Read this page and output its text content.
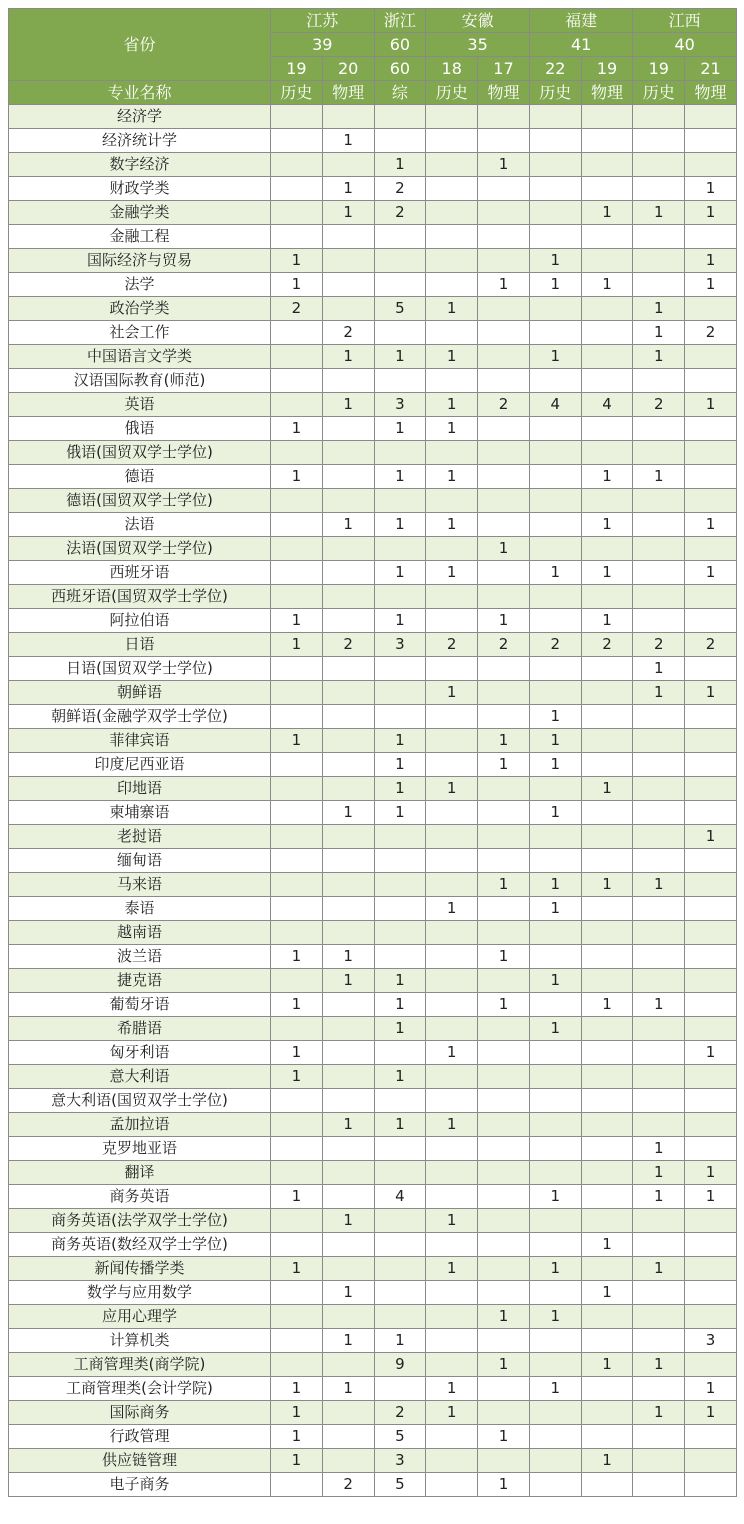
省份	江苏		浙江	安徽		福建		江西	
	39		60	35		41		40	
	19	20	60	18	17	22	19	19	21
专业名称	历史	物理	综	历史	物理	历史	物理	历史	物理
经济学									
经济统计学		1							
数字经济			1		1				
财政学类		1	2						1
金融学类		1	2				1	1	1
金融工程									
国际经济与贸易	1					1			1
法学	1				1	1	1		1
政治学类	2		5	1				1	
社会工作		2						1	2
中国语言文学类		1	1	1		1		1	
汉语国际教育(师范)									
英语		1	3	1	2	4	4	2	1
俄语	1		1	1					
俄语(国贸双学士学位)									
德语	1		1	1			1	1	
德语(国贸双学士学位)									
法语		1	1	1			1		1
法语(国贸双学士学位)					1				
西班牙语			1	1		1	1		1
西班牙语(国贸双学士学位)									
阿拉伯语	1		1		1		1		
日语	1	2	3	2	2	2	2	2	2
日语(国贸双学士学位)								1	
朝鲜语				1				1	1
朝鲜语(金融学双学士学位)						1			
菲律宾语	1		1		1	1			
印度尼西亚语			1		1	1			
印地语			1	1			1		
柬埔寨语		1	1			1			
老挝语									1
缅甸语									
马来语					1	1	1	1	
泰语				1		1			
越南语									
波兰语	1	1			1				
捷克语		1	1			1			
葡萄牙语	1		1		1		1	1	
希腊语			1			1			
匈牙利语	1			1					1
意大利语	1		1						
意大利语(国贸双学士学位)									
孟加拉语		1	1	1					
克罗地亚语								1	
翻译								1	1
商务英语	1		4			1		1	1
商务英语(法学双学士学位)		1		1					
商务英语(数经双学士学位)							1		
新闻传播学类	1			1		1		1	
数学与应用数学		1					1		
应用心理学					1	1			
计算机类		1	1						3
工商管理类(商学院)			9		1		1	1	
工商管理类(会计学院)	1	1		1		1			1
国际商务	1		2	1				1	1
行政管理	1		5		1				
供应链管理	1		3				1		
电子商务		2	5		1				
